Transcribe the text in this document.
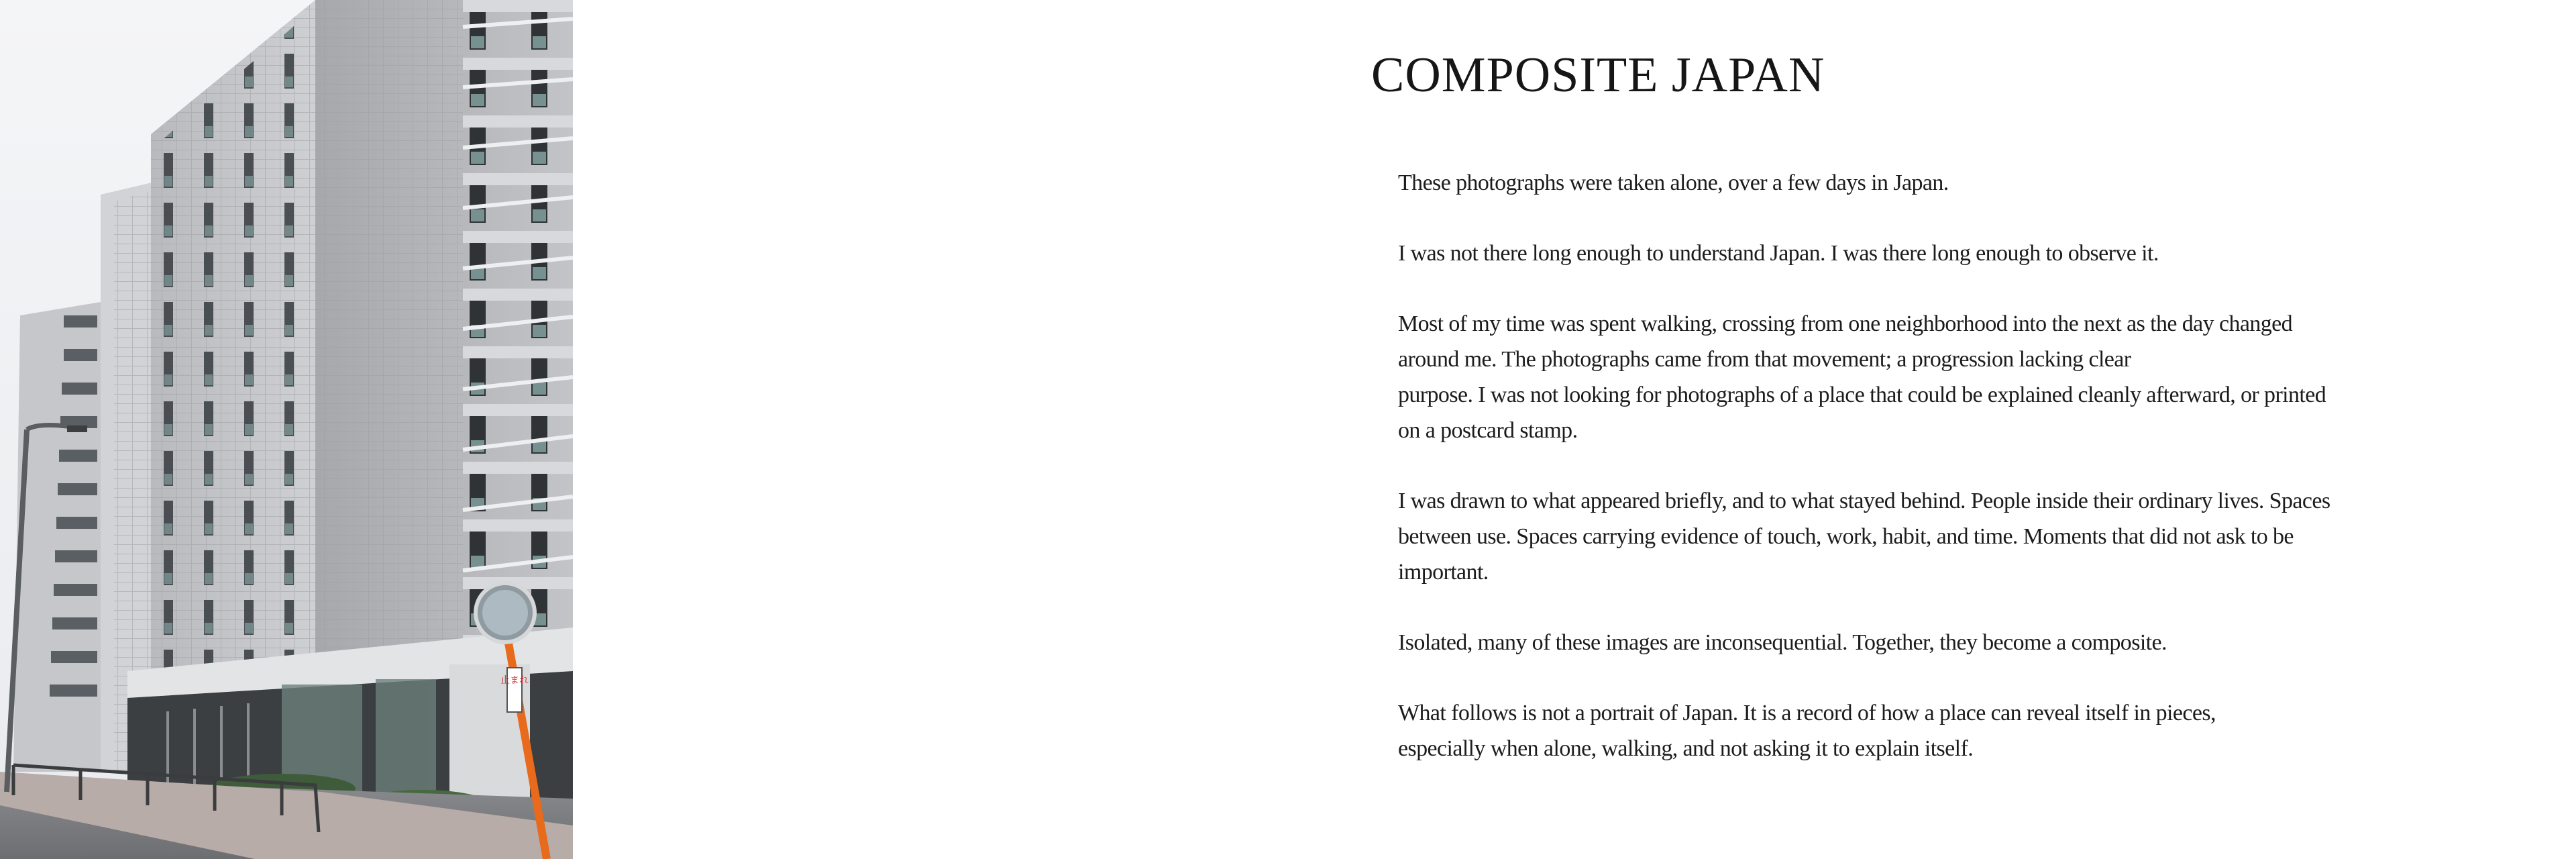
止まれ
COMPOSITE JAPAN

These photographs were taken alone, over a few days in Japan.

I was not there long enough to understand Japan. I was there long enough to observe it.

Most of my time was spent walking, crossing from one neighborhood into the next as the day changed
around me. The photographs came from that movement; a progression lacking clear
purpose. I was not looking for photographs of a place that could be explained cleanly afterward, or printed
on a postcard stamp.

I was drawn to what appeared briefly, and to what stayed behind. People inside their ordinary lives. Spaces
between use. Spaces carrying evidence of touch, work, habit, and time. Moments that did not ask to be
important.

Isolated, many of these images are inconsequential. Together, they become a composite.

What follows is not a portrait of Japan. It is a record of how a place can reveal itself in pieces,
especially when alone, walking, and not asking it to explain itself.
